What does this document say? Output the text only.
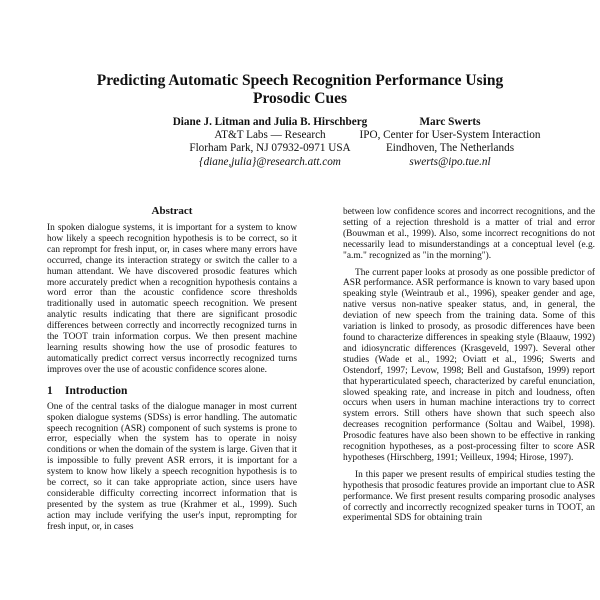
Predicting Automatic Speech Recognition Performance Using
Prosodic Cues
Diane J. Litman and Julia B. Hirschberg
AT&T Labs — Research
Florham Park, NJ 07932-0971 USA
{diane,julia}@research.att.com
Marc Swerts
IPO, Center for User-System Interaction
Eindhoven, The Netherlands
swerts@ipo.tue.nl
Abstract

In spoken dialogue systems, it is important for a system to know how likely a speech recognition hypothesis is to be correct, so it can reprompt for fresh input, or, in cases where many errors have occurred, change its interaction strategy or switch the caller to a human attendant. We have discovered prosodic features which more accurately predict when a recognition hypothesis contains a word error than the acoustic confidence score thresholds traditionally used in automatic speech recognition. We present analytic results indicating that there are significant prosodic differences between correctly and incorrectly recognized turns in the TOOT train information corpus. We then present machine learning results showing how the use of prosodic features to automatically predict correct versus incorrectly recognized turns improves over the use of acoustic confidence scores alone.

1 Introduction

One of the central tasks of the dialogue manager in most current spoken dialogue systems (SDSs) is error handling. The automatic speech recognition (ASR) component of such systems is prone to error, especially when the system has to operate in noisy conditions or when the domain of the system is large. Given that it is impossible to fully prevent ASR errors, it is important for a system to know how likely a speech recognition hypothesis is to be correct, so it can take appropriate action, since users have considerable difficulty correcting incorrect information that is presented by the system as true (Krahmer et al., 1999). Such action may include verifying the user's input, reprompting for fresh input, or, in cases

between low confidence scores and incorrect recognitions, and the setting of a rejection threshold is a matter of trial and error (Bouwman et al., 1999). Also, some incorrect recognitions do not necessarily lead to misunderstandings at a conceptual level (e.g. "a.m." recognized as "in the morning").

The current paper looks at prosody as one possible predictor of ASR performance. ASR performance is known to vary based upon speaking style (Weintraub et al., 1996), speaker gender and age, native versus non-native speaker status, and, in general, the deviation of new speech from the training data. Some of this variation is linked to prosody, as prosodic differences have been found to characterize differences in speaking style (Blaauw, 1992) and idiosyncratic differences (Krasgeveld, 1997). Several other studies (Wade et al., 1992; Oviatt et al., 1996; Swerts and Ostendorf, 1997; Levow, 1998; Bell and Gustafson, 1999) report that hyperarticulated speech, characterized by careful enunciation, slowed speaking rate, and increase in pitch and loudness, often occurs when users in human machine interactions try to correct system errors. Still others have shown that such speech also decreases recognition performance (Soltau and Waibel, 1998). Prosodic features have also been shown to be effective in ranking recognition hypotheses, as a post-processing filter to score ASR hypotheses (Hirschberg, 1991; Veilleux, 1994; Hirose, 1997).

In this paper we present results of empirical studies testing the hypothesis that prosodic features provide an important clue to ASR performance. We first present results comparing prosodic analyses of correctly and incorrectly recognized speaker turns in TOOT, an experimental SDS for obtaining train
